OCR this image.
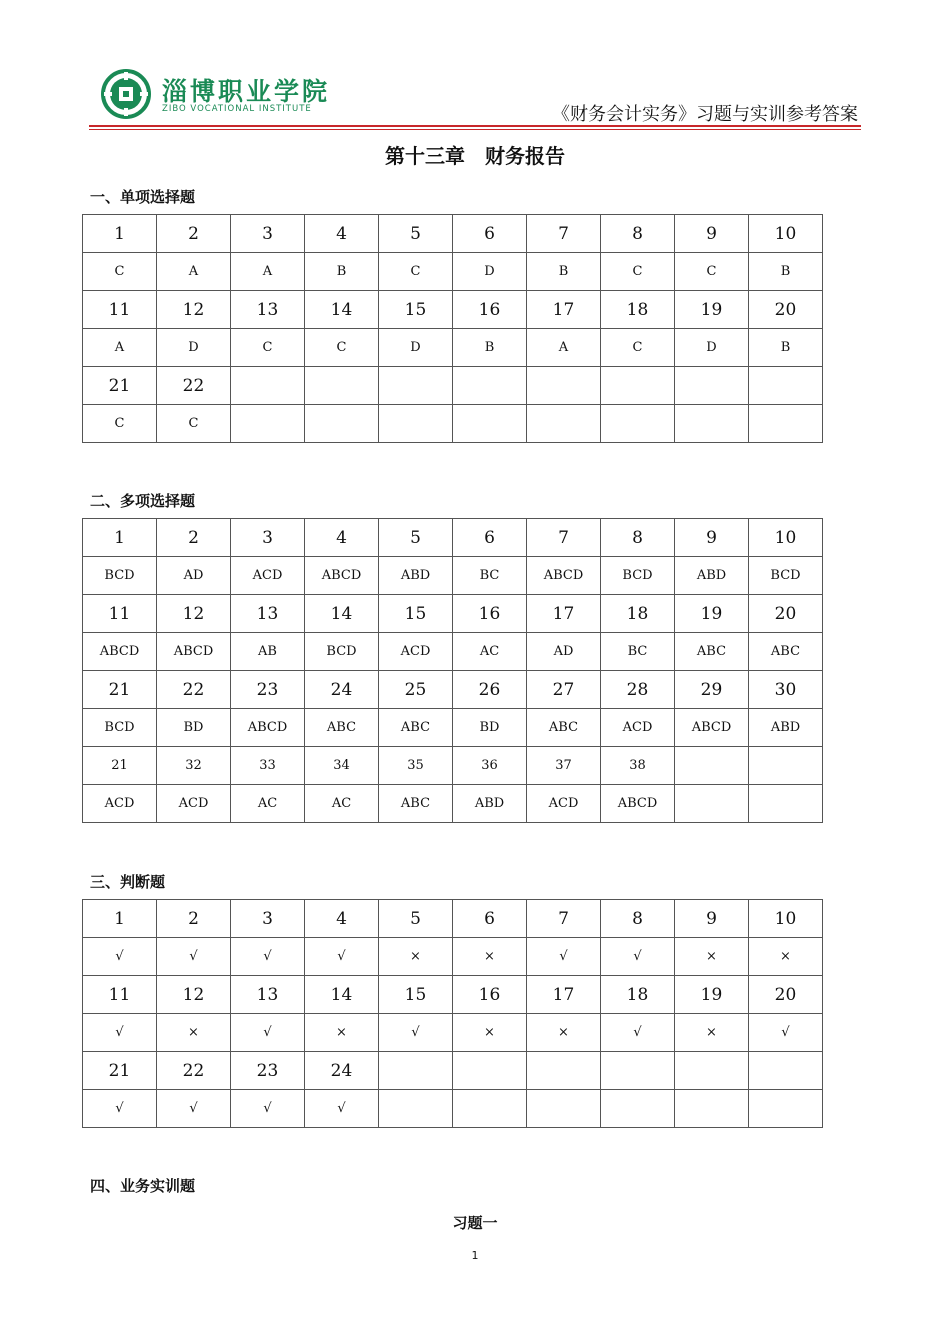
淄博职业学院
ZIBO VOCATIONAL INSTITUTE	《财务会计实务》习题与实训参考答案
第十三章　财务报告
一、单项选择题
1	2	3	4	5	6	7	8	9	10
C	A	A	B	C	D	B	C	C	B
11	12	13	14	15	16	17	18	19	20
A	D	C	C	D	B	A	C	D	B
21	22								
C	C								
二、多项选择题
1	2	3	4	5	6	7	8	9	10
BCD	AD	ACD	ABCD	ABD	BC	ABCD	BCD	ABD	BCD
11	12	13	14	15	16	17	18	19	20
ABCD	ABCD	AB	BCD	ACD	AC	AD	BC	ABC	ABC
21	22	23	24	25	26	27	28	29	30
BCD	BD	ABCD	ABC	ABC	BD	ABC	ACD	ABCD	ABD
21	32	33	34	35	36	37	38		
ACD	ACD	AC	AC	ABC	ABD	ACD	ABCD		
三、判断题
1	2	3	4	5	6	7	8	9	10
√	√	√	√	×	×	√	√	×	×
11	12	13	14	15	16	17	18	19	20
√	×	√	×	√	×	×	√	×	√
21	22	23	24						
√	√	√	√						
四、业务实训题
习题一
1
